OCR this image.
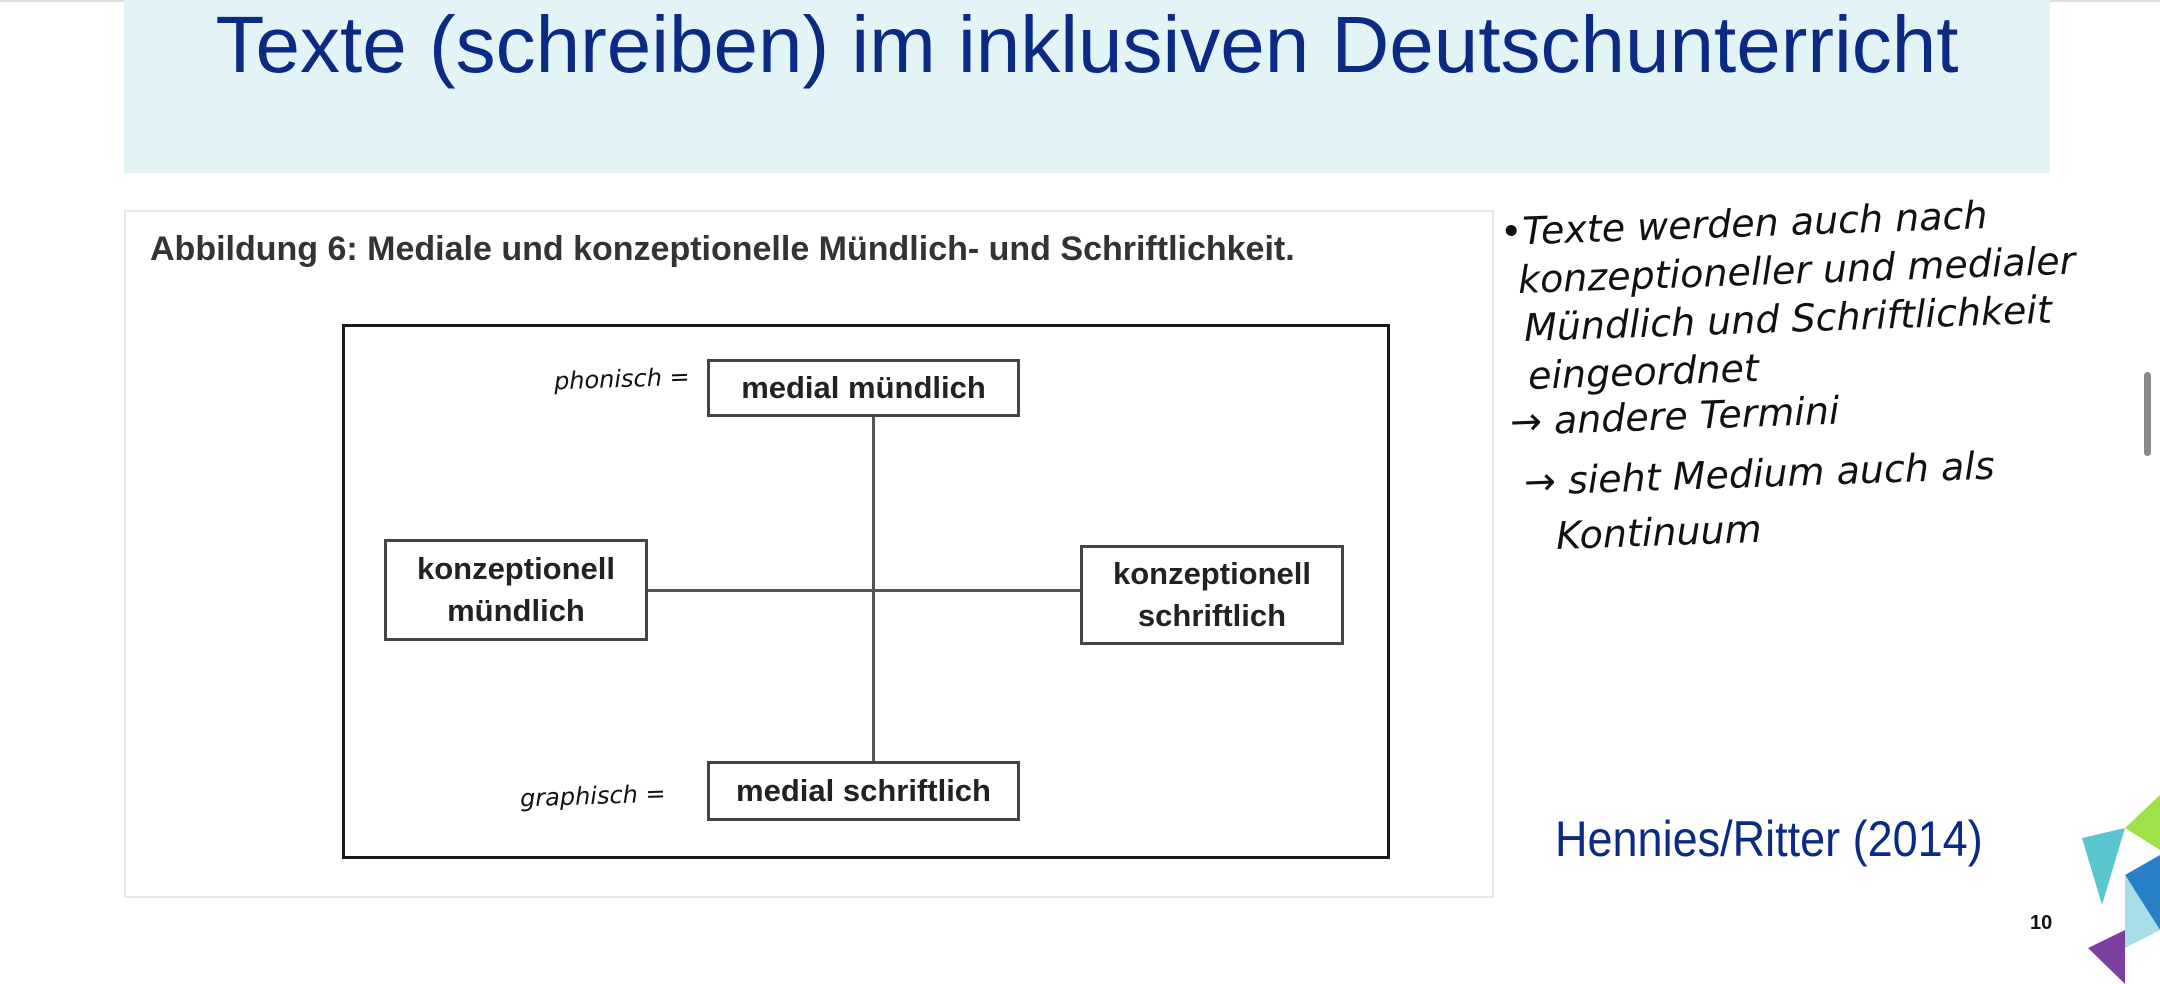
Texte (schreiben) im inklusiven Deutschunterricht
Abbildung 6: Mediale und konzeptionelle Mündlich- und Schriftlichkeit.
medial mündlich
medial schriftlich
konzeptionell
mündlich
konzeptionell
schriftlich
phonisch =
graphisch =
•Texte werden auch nach
konzeptioneller und medialer
Mündlich und Schriftlichkeit
eingeordnet
→ andere Termini
→ sieht Medium auch als
Kontinuum
Hennies/Ritter (2014)
10
